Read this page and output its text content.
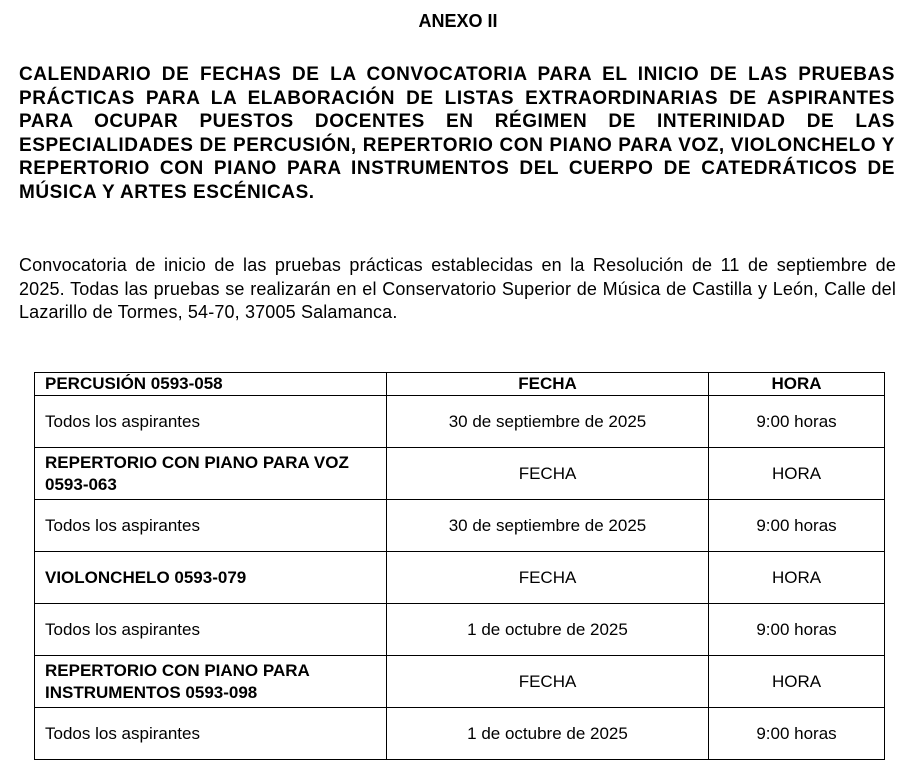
ANEXO II
CALENDARIO DE FECHAS DE LA CONVOCATORIA PARA EL INICIO DE LAS PRUEBAS PRÁCTICAS PARA LA ELABORACIÓN DE LISTAS EXTRAORDINARIAS DE ASPIRANTES PARA OCUPAR PUESTOS DOCENTES EN RÉGIMEN DE INTERINIDAD DE LAS ESPECIALIDADES DE PERCUSIÓN, REPERTORIO CON PIANO PARA VOZ, VIOLONCHELO Y REPERTORIO CON PIANO PARA INSTRUMENTOS DEL CUERPO DE CATEDRÁTICOS DE MÚSICA Y ARTES ESCÉNICAS.
Convocatoria de inicio de las pruebas prácticas establecidas en la Resolución de 11 de septiembre de 2025. Todas las pruebas se realizarán en el Conservatorio Superior de Música de Castilla y León, Calle del Lazarillo de Tormes, 54-70, 37005 Salamanca.
PERCUSIÓN 0593-058	FECHA	HORA
Todos los aspirantes	30 de septiembre de 2025	9:00 horas
REPERTORIO CON PIANO PARA VOZ 0593-063	FECHA	HORA
Todos los aspirantes	30 de septiembre de 2025	9:00 horas
VIOLONCHELO 0593-079	FECHA	HORA
Todos los aspirantes	1 de octubre de 2025	9:00 horas
REPERTORIO CON PIANO PARA INSTRUMENTOS 0593-098	FECHA	HORA
Todos los aspirantes	1 de octubre de 2025	9:00 horas
